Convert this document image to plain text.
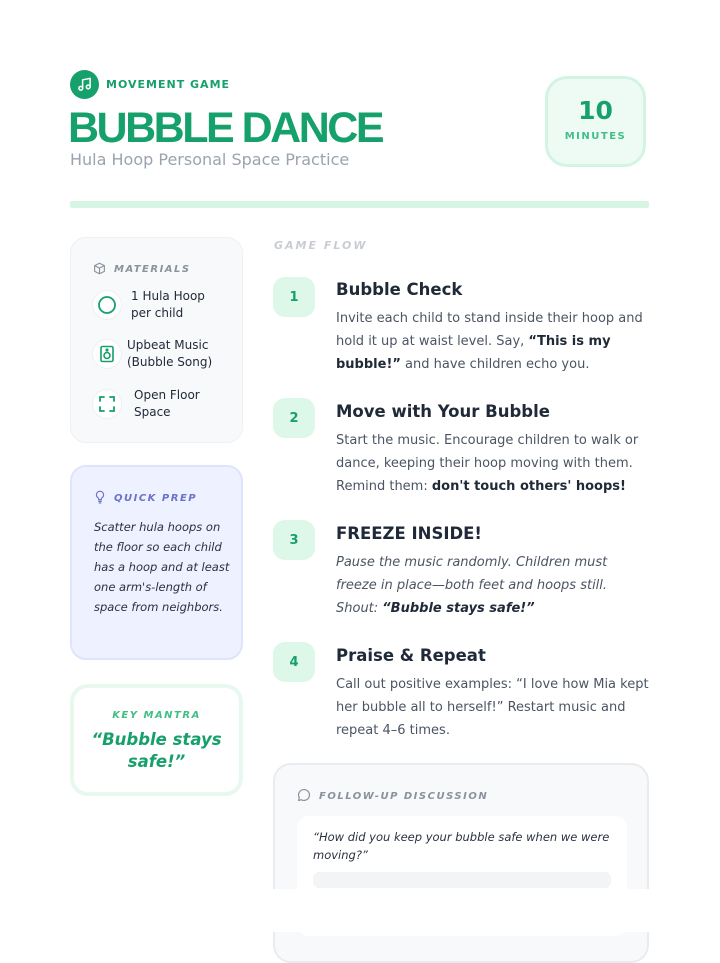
MOVEMENT GAME
BUBBLE DANCE
Hula Hoop Personal Space Practice
10
MINUTES
MATERIALS
1 Hula Hoop per child
Upbeat Music (Bubble Song)
Open Floor Space
QUICK PREP
Scatter hula hoops on the floor so each child has a hoop and at least one arm's-length of space from neighbors.
KEY MANTRA
“Bubble stays safe!”
GAME FLOW
1	Bubble Check
Invite each child to stand inside their hoop and hold it up at waist level. Say, “This is my bubble!” and have children echo you.
2	Move with Your Bubble
Start the music. Encourage children to walk or dance, keeping their hoop moving with them. Remind them: don't touch others' hoops!
3	FREEZE INSIDE!
Pause the music randomly. Children must freeze in place—both feet and hoops still. Shout: “Bubble stays safe!”
4	Praise & Repeat
Call out positive examples: “I love how Mia kept her bubble all to herself!” Restart music and repeat 4–6 times.
FOLLOW-UP DISCUSSION
“How did you keep your bubble safe when we were moving?”
